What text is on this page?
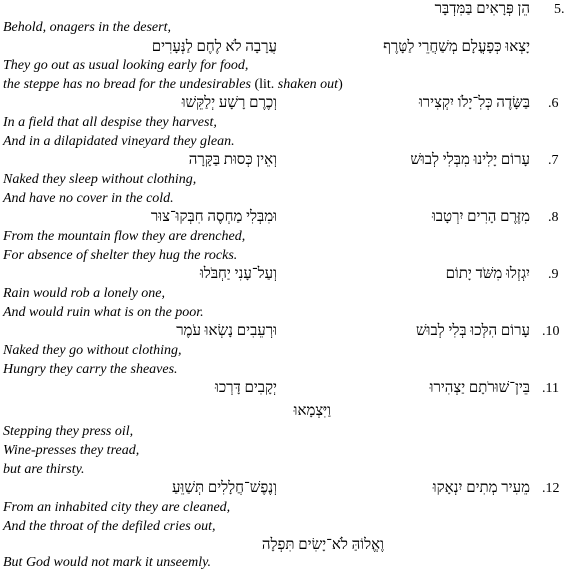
5.
הֵן פְּרָאִים בַּמִּדְבָּר
Behold, onagers in the desert,
יָצְאוּ כְּפָעֳלָם מְשַׁחֲרֵי לַטָּרֶף
עֲרָבָה לֹא לֶחֶם לַנְּעָרִים
They go out as usual looking early for food,
the steppe has no bread for the undesirables (lit. shaken out)
.6
בַּשָּׂדֶה כְּלִ־יָלֹו יִקְצִירוּ
וְכֶרֶם רָשָׁע יְלַקֵּשׁוּ
In a field that all despise they harvest,
And in a dilapidated vineyard they glean.
.7
עָרוֹם יָלִינוּ מִבְּלִי לְבוּשׁ
וְאֵין כְּסוּת בַּקָּרָה
Naked they sleep without clothing,
And have no cover in the cold.
.8
מִזֶּרֶם הָרִים יִרְטָבוּ
וּמִבְּלִי מַחְסֶה חִבְּקוּ־צוּר
From the mountain flow they are drenched,
For absence of shelter they hug the rocks.
.9
יִגְזְלוּ מִשֹּׁד יָתוֹם
וְעַל־עָנִי יַחְבֹּלוּ
Rain would rob a lonely one,
And would ruin what is on the poor.
.10
עָרוֹם הִלְּכוּ בְּלִי לְבוּשׁ
וּרְעֵבִים נָשְׂאוּ עֹמֶר
Naked they go without clothing,
Hungry they carry the sheaves.
.11
בֵּין־שׁוּרֹתָם יַצְהִירוּ
יְקָבִים דָּרְכוּ
וַיִּצְמָאוּ
Stepping they press oil,
Wine-presses they tread,
but are thirsty.
.12
מֵעִיר מְתִים יִנְאָקוּ
וְנֶפֶשׁ־חֲלָלִים תְּשַׁוֵּעַ
From an inhabited city they are cleaned,
And the throat of the defiled cries out,
וֶאֱלוֹהַּ לֹא־יָשִׂים תִּפְלָה
But God would not mark it unseemly.
